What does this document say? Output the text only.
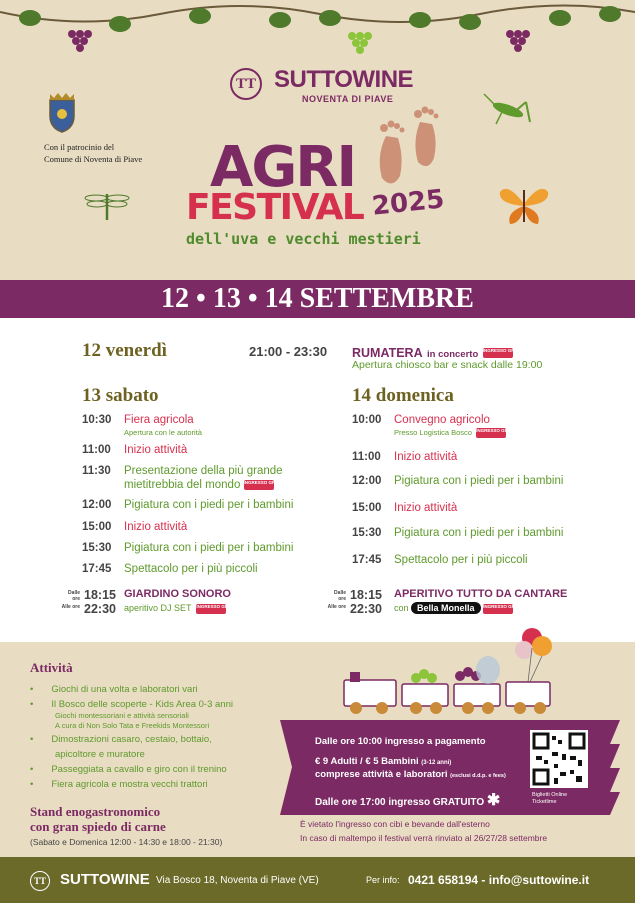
TT SUTTOWINE
NOVENTA DI PIAVE
Con il patrocinio del
Comune di Noventa di Piave	AGRI
FESTIVAL 2025
dell'uva e vecchi mestieri
12 • 13 • 14 SETTEMBRE
12 venerdì	21:00 - 23:30 RUMATERA in concerto INGRESSO GRATUITO
Apertura chiosco bar e snack dalle 19:00
13 sabato
10:30 Fiera agricola
Apertura con le autorità
11:00 Inizio attività
11:30 Presentazione della più grande
mietitrebbia del mondo INGRESSO GRATUITO
12:00 Pigiatura con i piedi per i bambini
15:00 Inizio attività
15:30 Pigiatura con i piedi per i bambini
17:45 Spettacolo per i più piccoli
Dalle ore
Alle ore
18:15
22:30
GIARDINO SONORO
aperitivo DJ SET INGRESSO GRATUITO
14 domenica
10:00 Convegno agricolo
Presso Logistica Bosco INGRESSO GRATUITO
11:00 Inizio attività
12:00 Pigiatura con i piedi per i bambini
15:00 Inizio attività
15:30 Pigiatura con i piedi per i bambini
17:45 Spettacolo per i più piccoli
Dalle ore
Alle ore
18:15
22:30
APERITIVO TUTTO DA CANTARE
con Bella Monella INGRESSO GRATUITO
Attività
• Giochi di una volta e laboratori vari
• Il Bosco delle scoperte - Kids Area 0-3 anni
Giochi montessoriani e attività sensoriali
A cura di Non Solo Tata e Freekids Montessori
• Dimostrazioni casaro, cestaio, bottaio,
apicoltore e muratore
• Passeggiata a cavallo e giro con il trenino
• Fiera agricola e mostra vecchi trattori
Stand enogastronomico
con gran spiedo di carne
(Sabato e Domenica 12:00 - 14:30 e 18:00 - 21:30)
Dalle ore 10:00 ingresso a pagamento
€ 9 Adulti / € 5 Bambini (3-12 anni)
comprese attività e laboratori (esclusi d.d.p. e fees)
Dalle ore 17:00 ingresso GRATUITO ✱	Biglietti Online
Ticketlime
È vietato l'ingresso con cibi e bevande dall'esterno
In caso di maltempo il festival verrà rinviato al 26/27/28 settembre
TT SUTTOWINE Via Bosco 18, Noventa di Piave (VE)	Per info: 0421 658194 - info@suttowine.it
